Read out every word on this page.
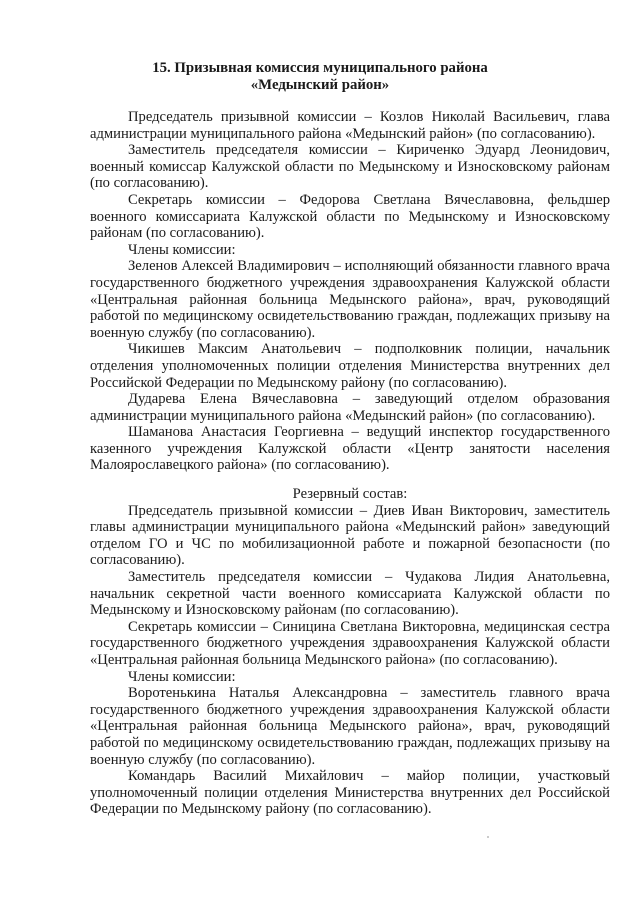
15. Призывная комиссия муниципального района
«Медынский район»

Председатель призывной комиссии – Козлов Николай Васильевич, глава администрации муниципального района «Медынский район» (по согласованию).

Заместитель председателя комиссии – Кириченко Эдуард Леонидович, военный комиссар Калужской области по Медынскому и Износковскому районам (по согласованию).

Секретарь комиссии – Федорова Светлана Вячеславовна, фельдшер военного комиссариата Калужской области по Медынскому и Износковскому районам (по согласованию).

Члены комиссии:

Зеленов Алексей Владимирович – исполняющий обязанности главного врача государственного бюджетного учреждения здравоохранения Калужской области «Центральная районная больница Медынского района», врач, руководящий работой по медицинскому освидетельствованию граждан, подлежащих призыву на военную службу (по согласованию).

Чикишев Максим Анатольевич – подполковник полиции, начальник отделения уполномоченных полиции отделения Министерства внутренних дел Российской Федерации по Медынскому району (по согласованию).

Дударева Елена Вячеславовна – заведующий отделом образования администрации муниципального района «Медынский район» (по согласованию).

Шаманова Анастасия Георгиевна – ведущий инспектор государственного казенного учреждения Калужской области «Центр занятости населения Малоярославецкого района» (по согласованию).

Резервный состав:

Председатель призывной комиссии – Диев Иван Викторович, заместитель главы администрации муниципального района «Медынский район» заведующий отделом ГО и ЧС по мобилизационной работе и пожарной безопасности (по согласованию).

Заместитель председателя комиссии – Чудакова Лидия Анатольевна, начальник секретной части военного комиссариата Калужской области по Медынскому и Износковскому районам (по согласованию).

Секретарь комиссии – Синицина Светлана Викторовна, медицинская сестра государственного бюджетного учреждения здравоохранения Калужской области «Центральная районная больница Медынского района» (по согласованию).

Члены комиссии:

Воротенькина Наталья Александровна – заместитель главного врача государственного бюджетного учреждения здравоохранения Калужской области «Центральная районная больница Медынского района», врач, руководящий работой по медицинскому освидетельствованию граждан, подлежащих призыву на военную службу (по согласованию).

Командарь Василий Михайлович – майор полиции, участковый уполномоченный полиции отделения Министерства внутренних дел Российской Федерации по Медынскому району (по согласованию).
